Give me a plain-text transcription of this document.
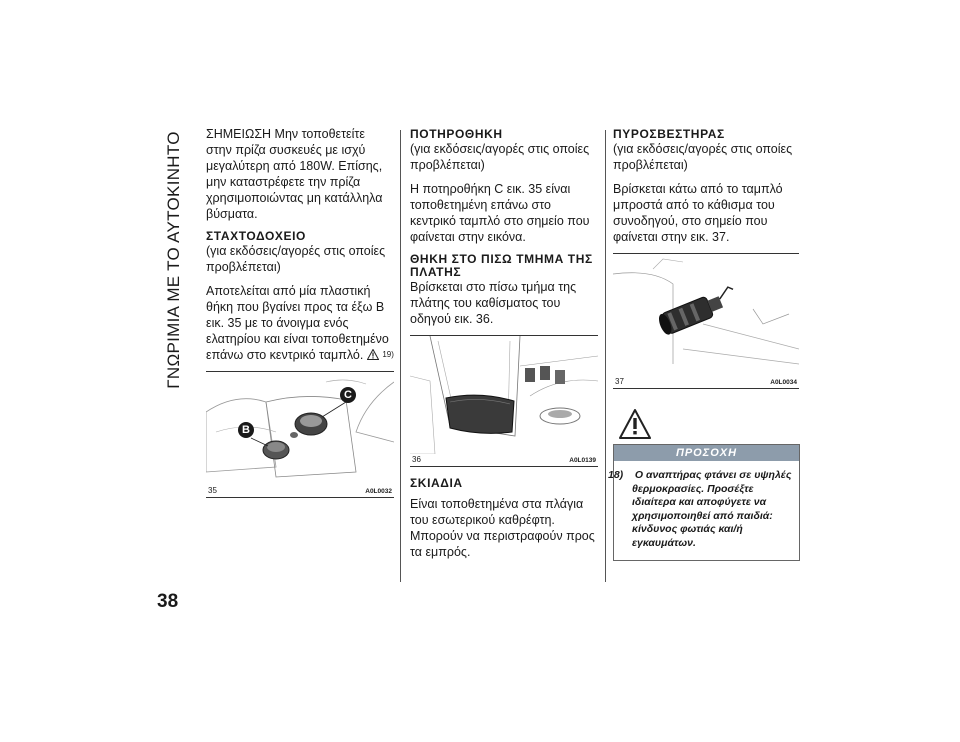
ΓΝΩΡΙΜΙΑ ΜΕ ΤΟ ΑΥΤΟΚΙΝΗΤΟ
38

ΣΗΜΕΙΩΣΗ Μην τοποθετείτε στην πρίζα συσκευές με ισχύ μεγαλύτερη από 180W. Επίσης, μην καταστρέφετε την πρίζα χρησιμοποιώντας μη κατάλληλα βύσματα.

ΣΤΑΧΤΟΔΟΧΕΙΟ

(για εκδόσεις/αγορές στις οποίες προβλέπεται)

Αποτελείται από μία πλαστική θήκη που βγαίνει προς τα έξω B εικ. 35 με το άνοιγμα ενός ελατηρίου και είναι τοποθετημένο επάνω στο κεντρικό ταμπλό. 19)

B
C
35	A0L0032
ΠΟΤΗΡΟΘΗΚΗ

(για εκδόσεις/αγορές στις οποίες προβλέπεται)

Η ποτηροθήκη C εικ. 35 είναι τοποθετημένη επάνω στο κεντρικό ταμπλό στο σημείο που φαίνεται στην εικόνα.

ΘΗΚΗ ΣΤΟ ΠΙΣΩ ΤΜΗΜΑ ΤΗΣ ΠΛΑΤΗΣ

Βρίσκεται στο πίσω τμήμα της πλάτης του καθίσματος του οδηγού εικ. 36.

36	A0L0139
ΣΚΙΑΔΙΑ

Είναι τοποθετημένα στα πλάγια του εσωτερικού καθρέφτη. Μπορούν να περιστραφούν προς τα εμπρός.

ΠΥΡΟΣΒΕΣΤΗΡΑΣ

(για εκδόσεις/αγορές στις οποίες προβλέπεται)

Βρίσκεται κάτω από το ταμπλό μπροστά από το κάθισμα του συνοδηγού, στο σημείο που φαίνεται στην εικ. 37.

37	A0L0034
ΠΡΟΣΟΧΗ
18) Ο αναπτήρας φτάνει σε υψηλές θερμοκρασίες. Προσέξτε ιδιαίτερα και αποφύγετε να χρησιμοποιηθεί από παιδιά: κίνδυνος φωτιάς και/ή εγκαυμάτων.
